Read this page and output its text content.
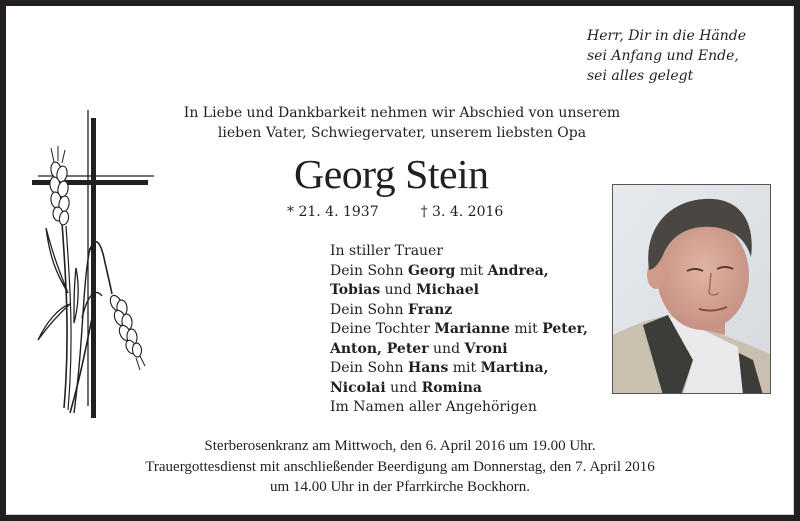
Herr, Dir in die Hände
sei Anfang und Ende,
sei alles gelegt
In Liebe und Dankbarkeit nehmen wir Abschied von unserem
lieben Vater, Schwiegervater, unserem liebsten Opa
Georg Stein
* 21. 4. 1937	† 3. 4. 2016
In stiller Trauer
Dein Sohn Georg mit Andrea,
Tobias und Michael
Dein Sohn Franz
Deine Tochter Marianne mit Peter,
Anton, Peter und Vroni
Dein Sohn Hans mit Martina,
Nicolai und Romina
Im Namen aller Angehörigen
Sterberosenkranz am Mittwoch, den 6. April 2016 um 19.00 Uhr.
Trauergottesdienst mit anschließender Beerdigung am Donnerstag, den 7. April 2016
um 14.00 Uhr in der Pfarrkirche Bockhorn.
